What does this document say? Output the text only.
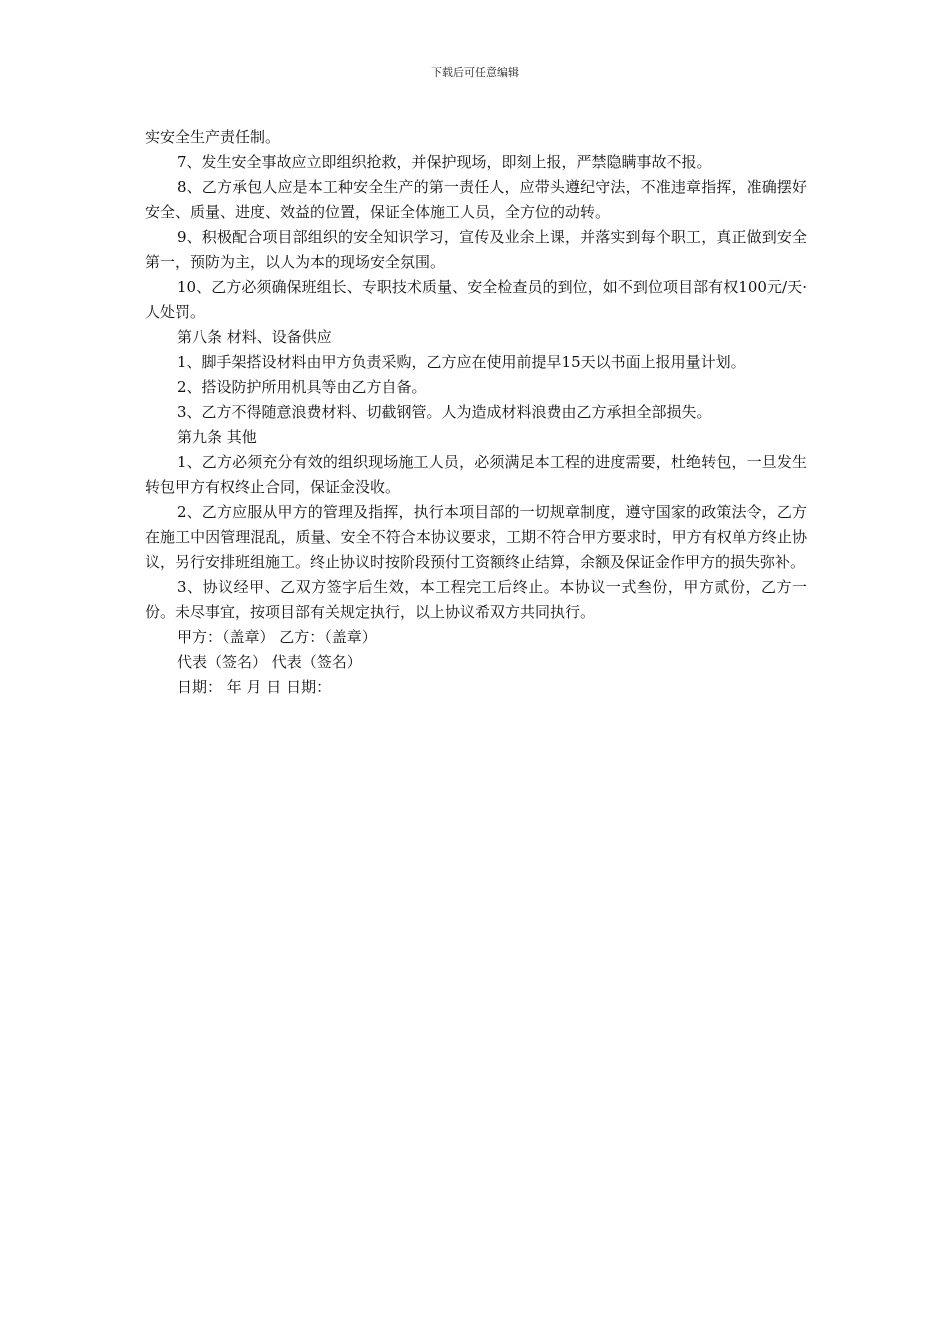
下载后可任意编辑

实安全生产责任制。

7、发生安全事故应立即组织抢救，并保护现场，即刻上报，严禁隐瞒事故不报。

8、乙方承包人应是本工种安全生产的第一责任人，应带头遵纪守法，不准违章指挥，准确摆好安全、质量、进度、效益的位置，保证全体施工人员，全方位的动转。

9、积极配合项目部组织的安全知识学习，宣传及业余上课，并落实到每个职工，真正做到安全第一，预防为主，以人为本的现场安全氛围。

10、乙方必须确保班组长、专职技术质量、安全检查员的到位，如不到位项目部有权100元/天·人处罚。

第八条 材料、设备供应

1、脚手架搭设材料由甲方负责采购，乙方应在使用前提早15天以书面上报用量计划。

2、搭设防护所用机具等由乙方自备。

3、乙方不得随意浪费材料、切截钢管。人为造成材料浪费由乙方承担全部损失。

第九条 其他

1、乙方必须充分有效的组织现场施工人员，必须满足本工程的进度需要，杜绝转包，一旦发生转包甲方有权终止合同，保证金没收。

2、乙方应服从甲方的管理及指挥，执行本项目部的一切规章制度，遵守国家的政策法令，乙方在施工中因管理混乱，质量、安全不符合本协议要求，工期不符合甲方要求时，甲方有权单方终止协议，另行安排班组施工。终止协议时按阶段预付工资额终止结算，余额及保证金作甲方的损失弥补。

3、协议经甲、乙双方签字后生效，本工程完工后终止。本协议一式叁份，甲方贰份，乙方一份。未尽事宜，按项目部有关规定执行，以上协议希双方共同执行。

甲方：（盖章） 乙方：（盖章）

代表（签名） 代表（签名）

日期： 年 月 日 日期：
